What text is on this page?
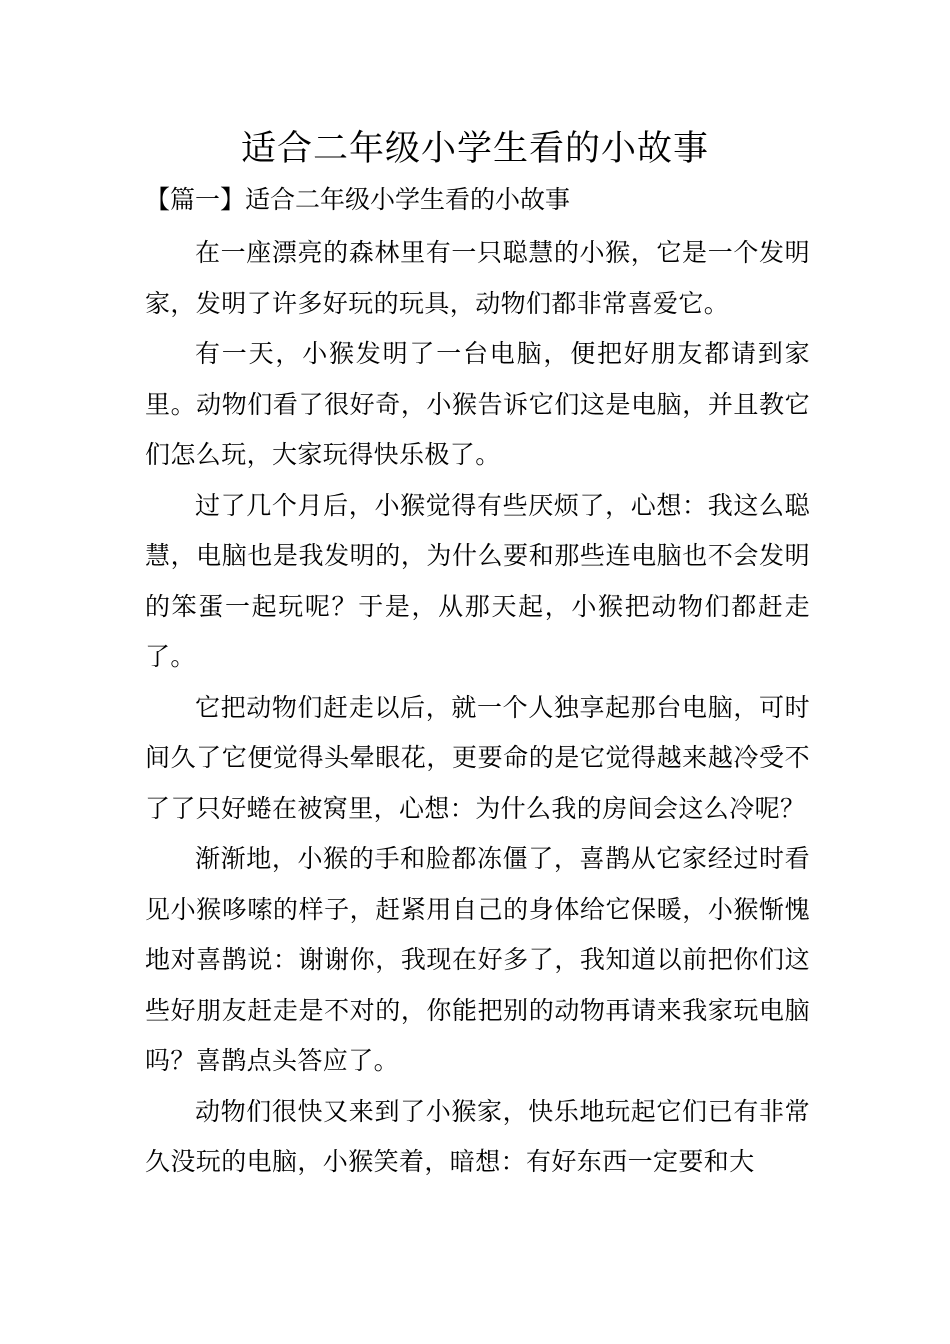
适合二年级小学生看的小故事
【篇一】适合二年级小学生看的小故事

在一座漂亮的森林里有一只聪慧的小猴，它是一个发明家，发明了许多好玩的玩具，动物们都非常喜爱它。

有一天，小猴发明了一台电脑，便把好朋友都请到家里。动物们看了很好奇，小猴告诉它们这是电脑，并且教它们怎么玩，大家玩得快乐极了。

过了几个月后，小猴觉得有些厌烦了，心想：我这么聪慧，电脑也是我发明的，为什么要和那些连电脑也不会发明的笨蛋一起玩呢？于是，从那天起，小猴把动物们都赶走了。

它把动物们赶走以后，就一个人独享起那台电脑，可时间久了它便觉得头晕眼花，更要命的是它觉得越来越冷受不了了只好蜷在被窝里，心想：为什么我的房间会这么冷呢？

渐渐地，小猴的手和脸都冻僵了，喜鹊从它家经过时看见小猴哆嗦的样子，赶紧用自己的身体给它保暖，小猴惭愧地对喜鹊说：谢谢你，我现在好多了，我知道以前把你们这些好朋友赶走是不对的，你能把别的动物再请来我家玩电脑吗？喜鹊点头答应了。

动物们很快又来到了小猴家，快乐地玩起它们已有非常久没玩的电脑，小猴笑着，暗想：有好东西一定要和大
